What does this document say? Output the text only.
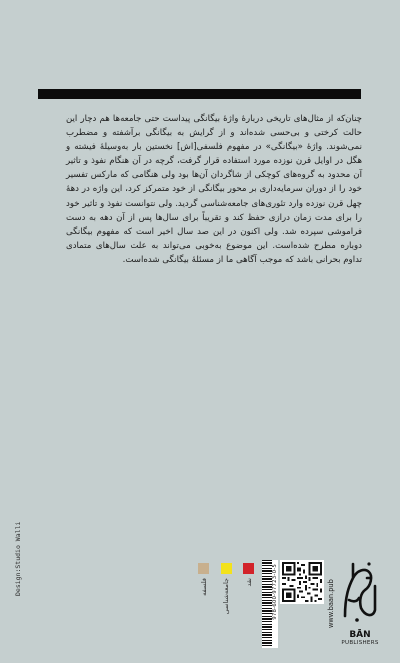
چنان‌که از مثال‌های تاریخی دربارۀ واژۀ بیگانگی پیداست حتی جامعه‌ها هم دچار این حالت کرختی و بی‌حسی شده‌اند و از گرایش به بیگانگی برآشفته و مضطرب نمی‌شوند. واژۀ «بیگانگی» در مفهوم فلسفی[اش] نخستین بار به‌وسیلۀ فیشته و هگل در اوایل قرن نوزده مورد استفاده قرار گرفت، گرچه در آن هنگام نفوذ و تاثیر آن محدود به گروه‌های کوچکی از شاگردان آن‌ها بود ولی هنگامی که مارکس تفسیر خود را از دوران سرمایه‌داری بر محور بیگانگی از خود متمرکز کرد، این واژه در دهۀ چهل قرن نوزده وارد تئوری‌های جامعه‌شناسی گردید. ولی نتوانست نفوذ و تاثیر خود را برای مدت زمان درازی حفظ کند و تقریباً برای سال‌ها پس از آن دهه به دست فراموشی سپرده شد. ولی اکنون در این صد سال اخیر است که مفهوم بیگانگی دوباره مطرح شده‌است. این موضوع به‌خوبی می‌تواند به علت سال‌های متمادی تداوم بحرانی باشد که موجب آگاهی ما از مسئلۀ بیگانگی شده‌است.

Design:Studio Walli	نقد
جامعه‌شناسی
فلسفه	978-600-97723-0-5	www.baan.pub
BĀN
PUBLISHERS
